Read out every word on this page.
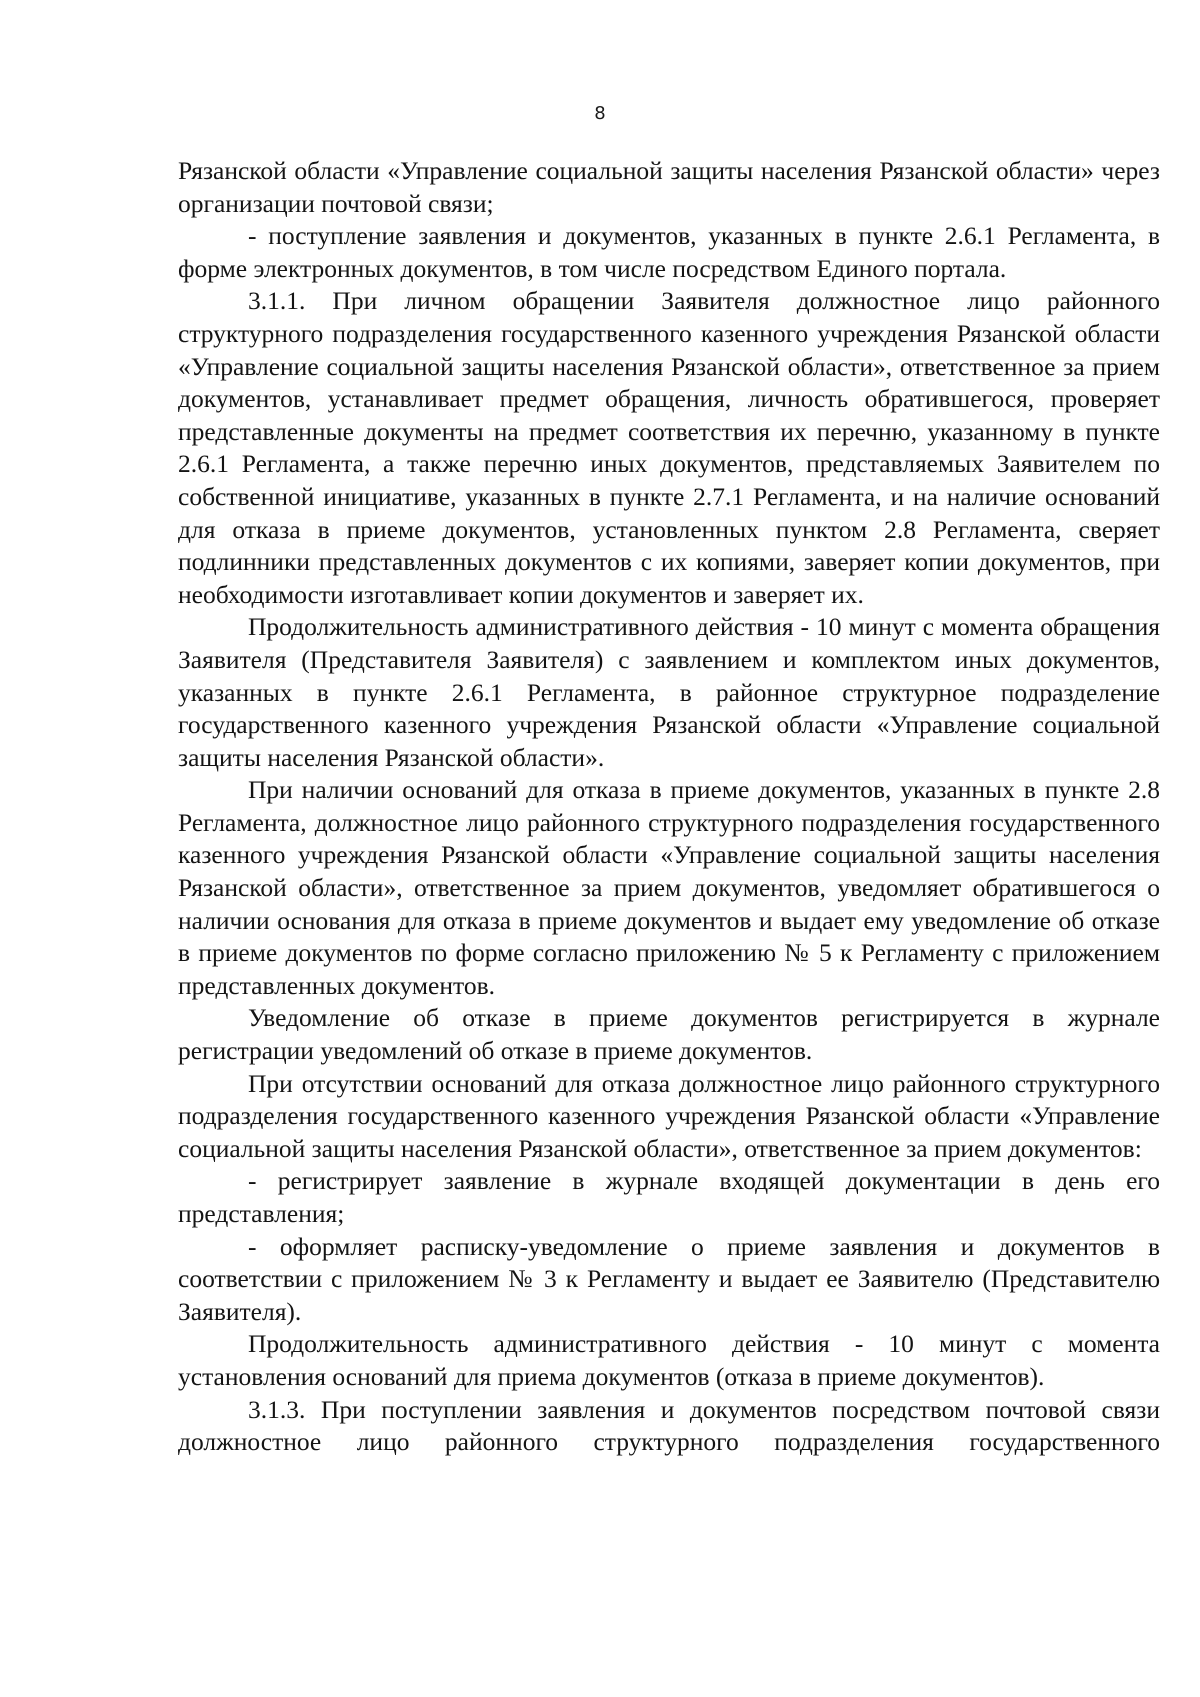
8

Рязанской области «Управление социальной защиты населения Рязанской области» через организации почтовой связи;

- поступление заявления и документов, указанных в пункте 2.6.1 Регламента, в форме электронных документов, в том числе посредством Единого портала.

3.1.1. При личном обращении Заявителя должностное лицо районного структурного подразделения государственного казенного учреждения Рязанской области «Управление социальной защиты населения Рязанской области», ответственное за прием документов, устанавливает предмет обращения, личность обратившегося, проверяет представленные документы на предмет соответствия их перечню, указанному в пункте 2.6.1 Регламента, а также перечню иных документов, представляемых Заявителем по собственной инициативе, указанных в пункте 2.7.1 Регламента, и на наличие оснований для отказа в приеме документов, установленных пунктом 2.8 Регламента, сверяет подлинники представленных документов с их копиями, заверяет копии документов, при необходимости изготавливает копии документов и заверяет их.

Продолжительность административного действия - 10 минут с момента обращения Заявителя (Представителя Заявителя) с заявлением и комплектом иных документов, указанных в пункте 2.6.1 Регламента, в районное структурное подразделение государственного казенного учреждения Рязанской области «Управление социальной защиты населения Рязанской области».

При наличии оснований для отказа в приеме документов, указанных в пункте 2.8 Регламента, должностное лицо районного структурного подразделения государственного казенного учреждения Рязанской области «Управление социальной защиты населения Рязанской области», ответственное за прием документов, уведомляет обратившегося о наличии основания для отказа в приеме документов и выдает ему уведомление об отказе в приеме документов по форме согласно приложению № 5 к Регламенту с приложением представленных документов.

Уведомление об отказе в приеме документов регистрируется в журнале регистрации уведомлений об отказе в приеме документов.

При отсутствии оснований для отказа должностное лицо районного структурного подразделения государственного казенного учреждения Рязанской области «Управление социальной защиты населения Рязанской области», ответственное за прием документов:

- регистрирует заявление в журнале входящей документации в день его представления;

- оформляет расписку-уведомление о приеме заявления и документов в соответствии с приложением № 3 к Регламенту и выдает ее Заявителю (Представителю Заявителя).

Продолжительность административного действия - 10 минут с момента установления оснований для приема документов (отказа в приеме документов).

3.1.3. При поступлении заявления и документов посредством почтовой связи должностное лицо районного структурного подразделения государственного
